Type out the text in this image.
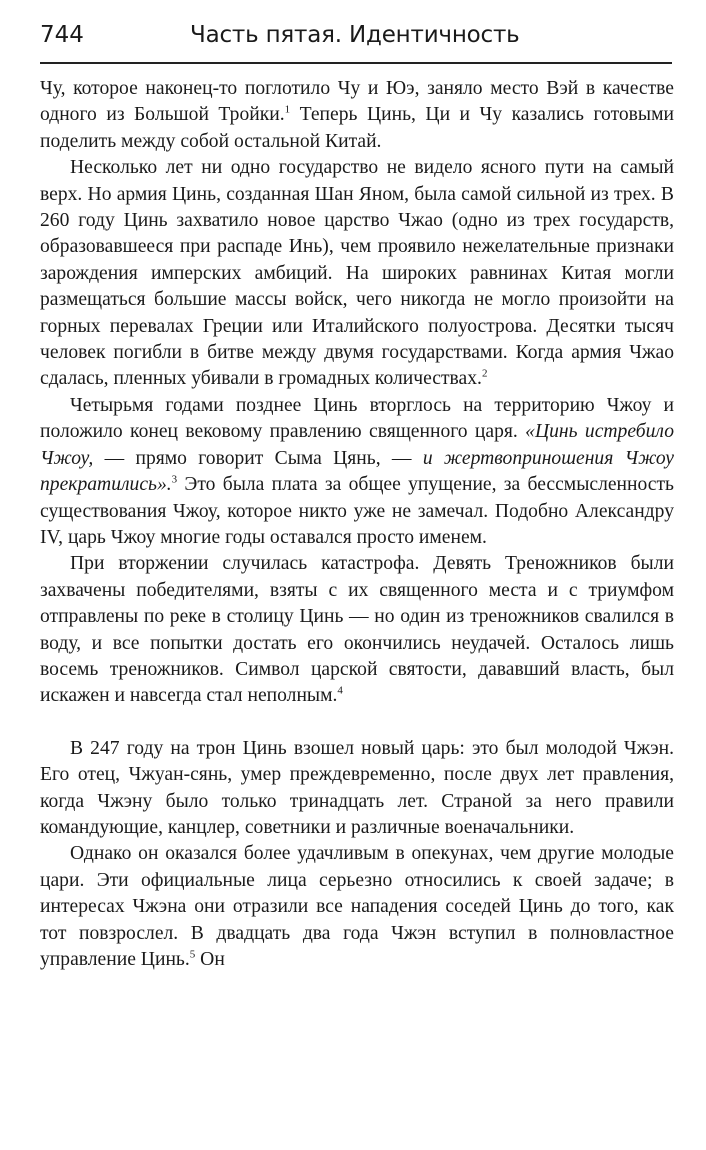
744	Часть пятая. Идентичность

Чу, которое наконец-то поглотило Чу и Юэ, заняло место Вэй в качестве одного из Большой Тройки.$^1$ Теперь Цинь, Ци и Чу казались готовыми поделить между собой остальной Китай.

Несколько лет ни одно государство не видело ясного пути на самый верх. Но армия Цинь, созданная Шан Яном, была самой сильной из трех. В 260 году Цинь захватило новое царство Чжао (одно из трех государств, образовавшееся при распаде Инь), чем проявило нежелательные признаки зарождения имперских амбиций. На широких равнинах Китая могли размещаться большие массы войск, чего никогда не могло произойти на горных перевалах Греции или Италийского полуострова. Десятки тысяч человек погибли в битве между двумя государствами. Когда армия Чжао сдалась, пленных убивали в громадных количествах.$^2$

Четырьмя годами позднее Цинь вторглось на территорию Чжоу и положило конец вековому правлению священного царя. «Цинь истребило Чжоу, — прямо говорит Сыма Цянь, — и жертвоприношения Чжоу прекратились».$^3$ Это была плата за общее упущение, за бессмысленность существования Чжоу, которое никто уже не замечал. Подобно Александру IV, царь Чжоу многие годы оставался просто именем.

При вторжении случилась катастрофа. Девять Треножников были захвачены победителями, взяты с их священного места и с триумфом отправлены по реке в столицу Цинь — но один из треножников свалился в воду, и все попытки достать его окончились неудачей. Осталось лишь восемь треножников. Символ царской святости, дававший власть, был искажен и навсегда стал неполным.$^4$

В 247 году на трон Цинь взошел новый царь: это был молодой Чжэн. Его отец, Чжуан-сянь, умер преждевременно, после двух лет правления, когда Чжэну было только тринадцать лет. Страной за него правили командующие, канцлер, советники и различные военачальники.

Однако он оказался более удачливым в опекунах, чем другие молодые цари. Эти официальные лица серьезно относились к своей задаче; в интересах Чжэна они отразили все нападения соседей Цинь до того, как тот повзрослел. В двадцать два года Чжэн вступил в полновластное управление Цинь.$^5$ Он
